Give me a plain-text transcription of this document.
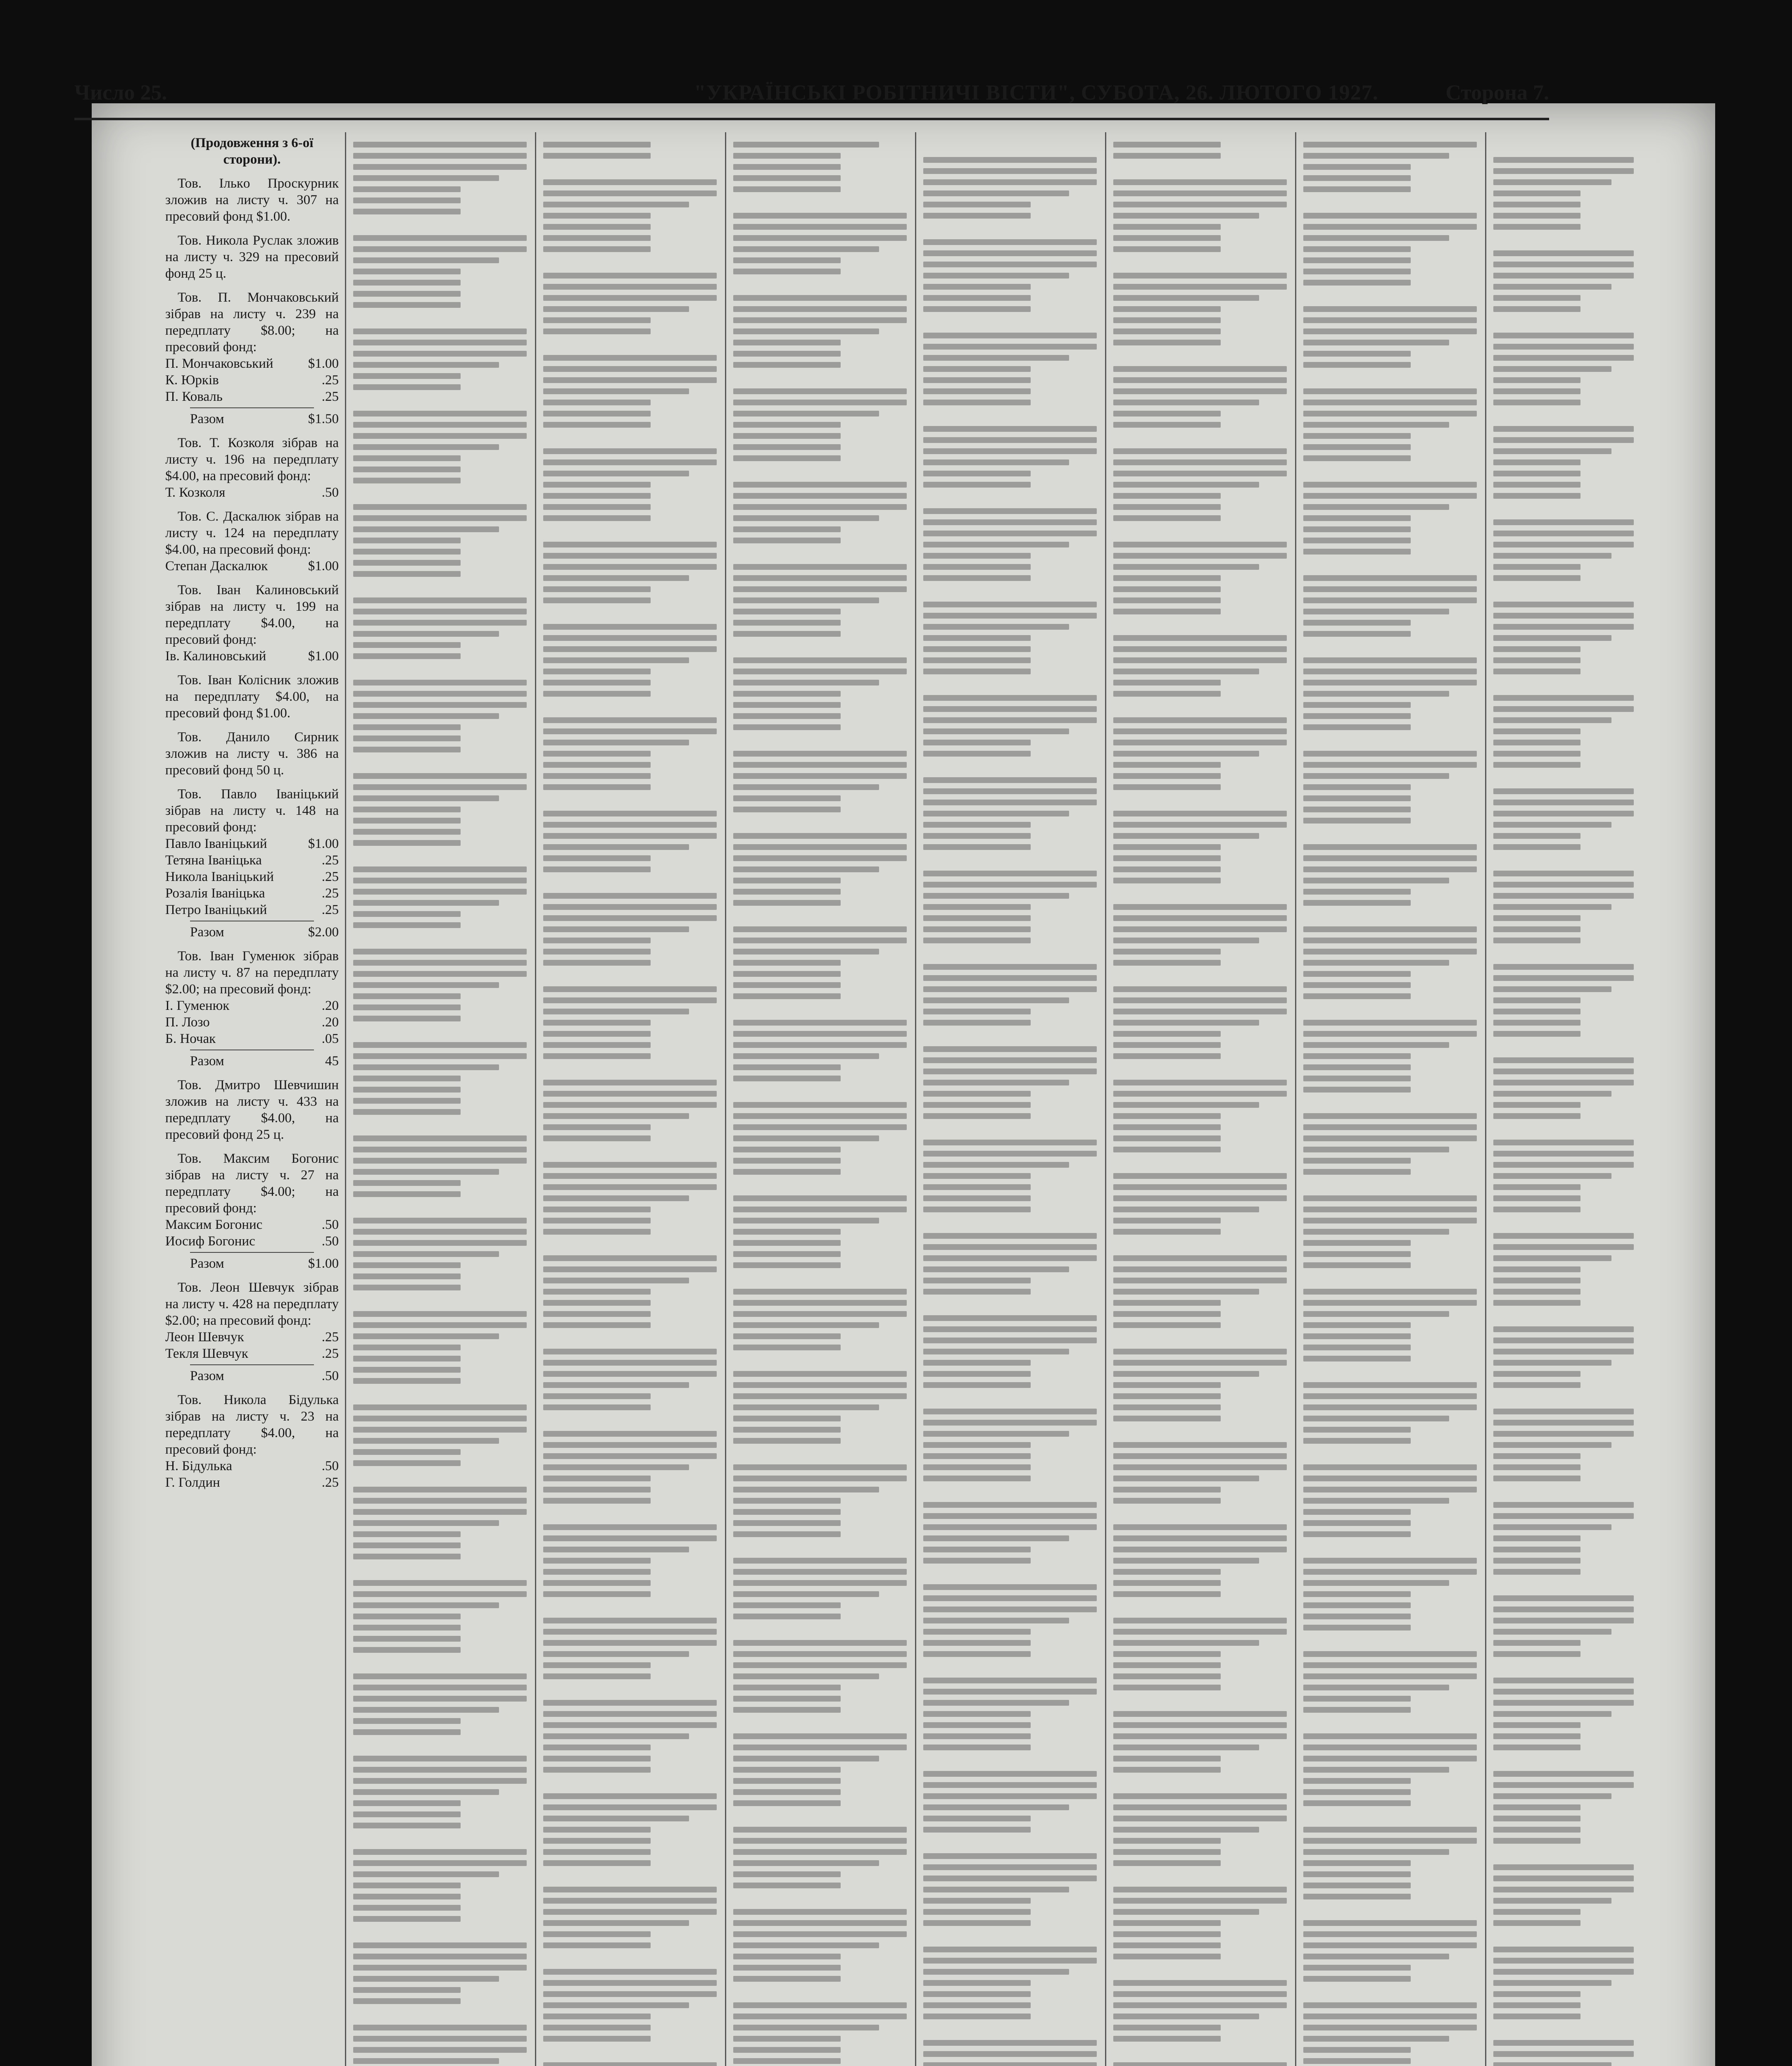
Число 25.	"УКРАЇНСЬКІ РОБІТНИЧІ ВІСТИ", СУБОТА, 26. ЛЮТОГО 1927.	Сторона 7.
(Продовження з 6-ої сторони).
Тов. Ількo Проскурник зложив на листу ч. 307 на пресовий фонд $1.00.
Тов. Никола Руслак зложив на листу ч. 329 на пресовий фонд 25 ц.
Тов. П. Мончаковський зібрав на листу ч. 239 на передплату $8.00; на пресовий фонд:
П. Мончаковський	$1.00
К. Юрків	.25
П. Коваль	.25
Разом	$1.50
Тов. Т. Козколя зібрав на листу ч. 196 на передплату $4.00, на пресовий фонд:
Т. Козколя	.50
Тов. С. Даскалюк зібрав на листу ч. 124 на передплату $4.00, на пресовий фонд:
Степан Даскалюк	$1.00
Тов. Іван Калиновський зібрав на листу ч. 199 на передплату $4.00, на пресовий фонд:
Ів. Калиновський	$1.00
Тов. Іван Колісник зложив на передплату $4.00, на пресовий фонд $1.00.
Тов. Данило Сирник зложив на листу ч. 386 на пресовий фонд 50 ц.
Тов. Павло Іваніцький зібрав на листу ч. 148 на пресовий фонд:
Павло Іваніцький	$1.00
Тетяна Іваніцька	.25
Никола Іваніцький	.25
Розалія Іваніцька	.25
Петро Іваніцький	.25
Разом	$2.00
Тов. Іван Гуменюк зібрав на листу ч. 87 на передплату $2.00; на пресовий фонд:
І. Гуменюк	.20
П. Лозо	.20
Б. Ночак	.05
Разом	45
Тов. Дмитро Шевчишин зложив на листу ч. 433 на передплату $4.00, на пресовий фонд 25 ц.
Тов. Максим Богонис зібрав на листу ч. 27 на передплату $4.00; на пресовий фонд:
Максим Богонис	.50
Иосиф Богонис	.50
Разом	$1.00
Тов. Леон Шевчук зібрав на листу ч. 428 на передплату $2.00; на пресовий фонд:
Леон Шевчук	.25
Текля Шевчук	.25
Разом	.50
Тов. Никола Бідулька зібрав на листу ч. 23 на передплату $4.00, на пресовий фонд:
Н. Бідулька	.50
Г. Голдин	.25
